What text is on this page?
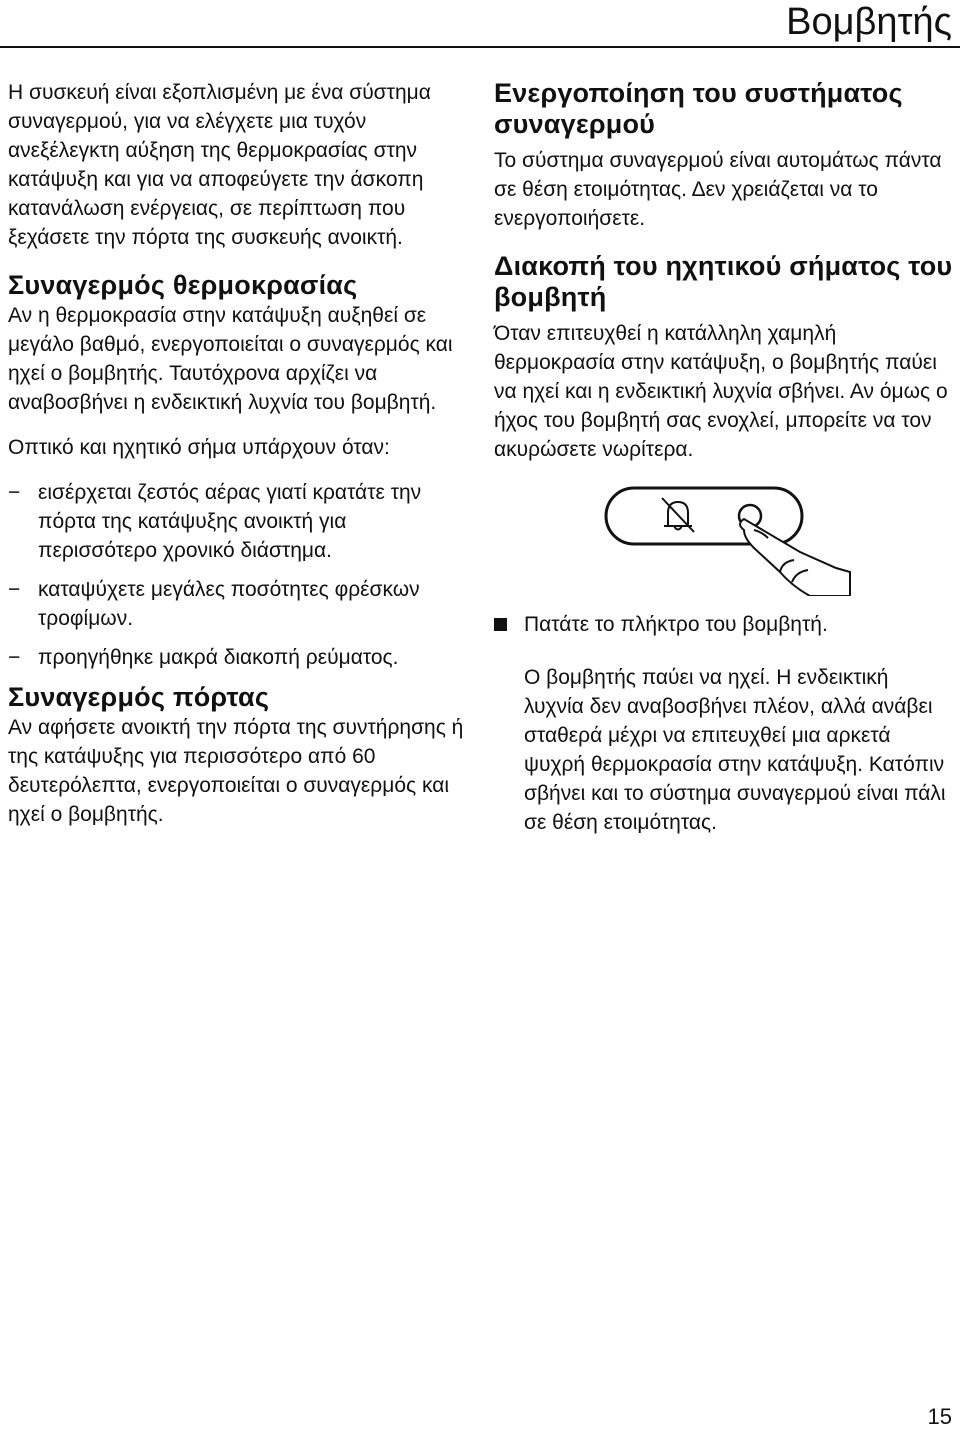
Βομβητής

Η συσκευή είναι εξοπλισμένη με ένα σύστημα συναγερμού, για να ελέγχετε μια τυχόν ανεξέλεγκτη αύξηση της θερμοκρασίας στην κατάψυξη και για να αποφεύγετε την άσκοπη κατανάλωση ενέργειας, σε περίπτωση που ξεχάσετε την πόρτα της συσκευής ανοικτή.

Συναγερμός θερμοκρασίας

Αν η θερμοκρασία στην κατάψυξη αυξηθεί σε μεγάλο βαθμό, ενεργοποιείται ο συναγερμός και ηχεί ο βομβητής. Ταυτόχρονα αρχίζει να αναβοσβήνει η ενδεικτική λυχνία του βομβητή.

Οπτικό και ηχητικό σήμα υπάρχουν όταν:

− εισέρχεται ζεστός αέρας γιατί κρατάτε την πόρτα της κατάψυξης ανοικτή για περισσότερο χρονικό διάστημα.
− καταψύχετε μεγάλες ποσότητες φρέσκων τροφίμων.
− προηγήθηκε μακρά διακοπή ρεύματος.
Συναγερμός πόρτας

Αν αφήσετε ανοικτή την πόρτα της συντήρησης ή της κατάψυξης για περισσότερο από 60 δευτερόλεπτα, ενεργοποιείται ο συναγερμός και ηχεί ο βομβητής.

Ενεργοποίηση του συστήματος συναγερμού

Το σύστημα συναγερμού είναι αυτομάτως πάντα σε θέση ετοιμότητας. Δεν χρειάζεται να το ενεργοποιήσετε.

Διακοπή του ηχητικού σήματος του βομβητή

Όταν επιτευχθεί η κατάλληλη χαμηλή θερμοκρασία στην κατάψυξη, ο βομβητής παύει να ηχεί και η ενδεικτική λυχνία σβήνει. Αν όμως ο ήχος του βομβητή σας ενοχλεί, μπορείτε να τον ακυρώσετε νωρίτερα.

Πατάτε το πλήκτρο του βομβητή.

Ο βομβητής παύει να ηχεί. Η ενδεικτική λυχνία δεν αναβοσβήνει πλέον, αλλά ανάβει σταθερά μέχρι να επιτευχθεί μια αρκετά ψυχρή θερμοκρασία στην κατάψυξη. Κατόπιν σβήνει και το σύστημα συναγερμού είναι πάλι σε θέση ετοιμότητας.

15
